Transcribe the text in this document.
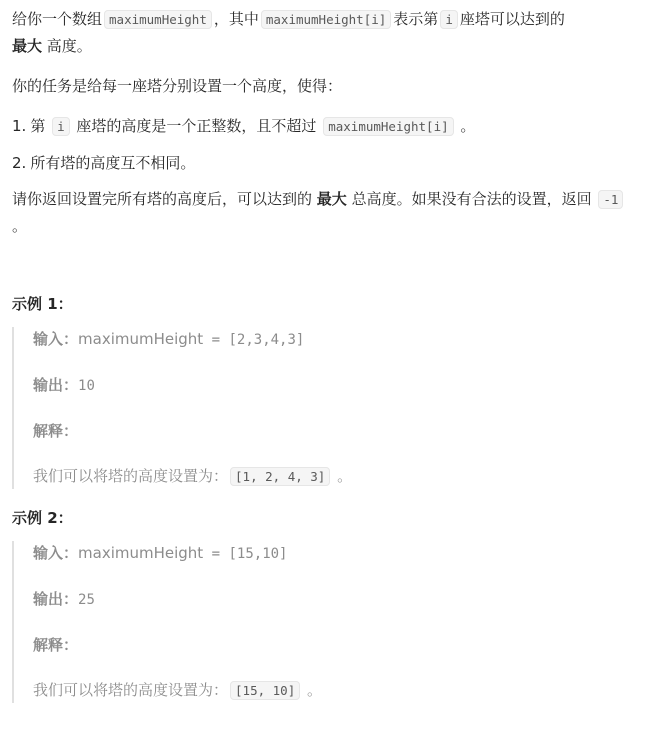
给你一个数组 maximumHeight ，其中 maximumHeight[i] 表示第 i 座塔可以达到的
最大 高度。

你的任务是给每一座塔分别设置一个高度，使得：

1. 第 i 座塔的高度是一个正整数，且不超过 maximumHeight[i] 。

2. 所有塔的高度互不相同。

请你返回设置完所有塔的高度后，可以达到的 最大 总高度。如果没有合法的设置，返回 -1 。

示例 1：

输入：maximumHeight = [2,3,4,3]
输出：10
解释：
我们可以将塔的高度设置为： [1, 2, 4, 3] 。

示例 2：

输入：maximumHeight = [15,10]
输出：25
解释：
我们可以将塔的高度设置为： [15, 10] 。
